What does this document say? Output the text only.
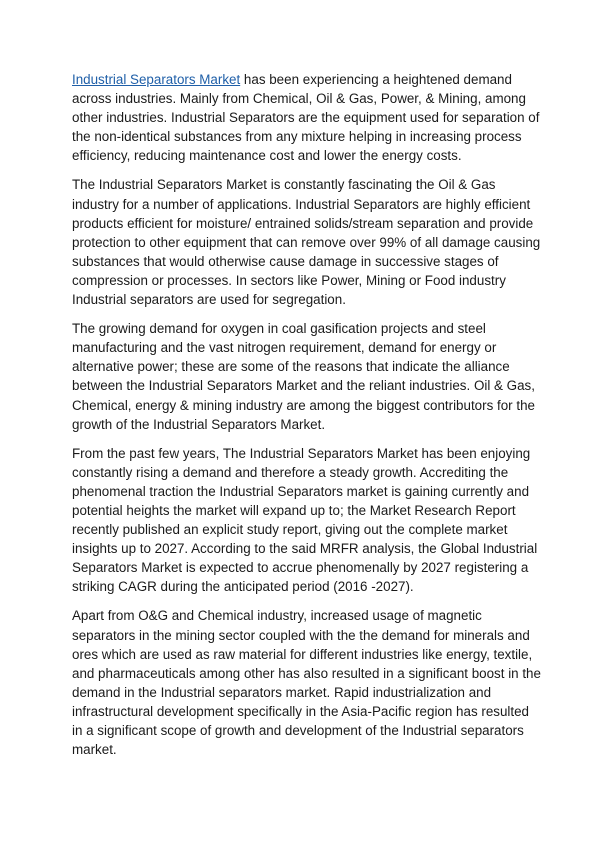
Industrial Separators Market has been experiencing a heightened demand across industries. Mainly from Chemical, Oil & Gas, Power, & Mining, among other industries. Industrial Separators are the equipment used for separation of the non-identical substances from any mixture helping in increasing process efficiency, reducing maintenance cost and lower the energy costs.

The Industrial Separators Market is constantly fascinating the Oil & Gas industry for a number of applications. Industrial Separators are highly efficient products efficient for moisture/ entrained solids/stream separation and provide protection to other equipment that can remove over 99% of all damage causing substances that would otherwise cause damage in successive stages of compression or processes. In sectors like Power, Mining or Food industry Industrial separators are used for segregation.

The growing demand for oxygen in coal gasification projects and steel manufacturing and the vast nitrogen requirement, demand for energy or alternative power; these are some of the reasons that indicate the alliance between the Industrial Separators Market and the reliant industries. Oil & Gas, Chemical, energy & mining industry are among the biggest contributors for the growth of the Industrial Separators Market.

From the past few years, The Industrial Separators Market has been enjoying constantly rising a demand and therefore a steady growth. Accrediting the phenomenal traction the Industrial Separators market is gaining currently and potential heights the market will expand up to; the Market Research Report recently published an explicit study report, giving out the complete market insights up to 2027. According to the said MRFR analysis, the Global Industrial Separators Market is expected to accrue phenomenally by 2027 registering a striking CAGR during the anticipated period (2016 -2027).

Apart from O&G and Chemical industry, increased usage of magnetic separators in the mining sector coupled with the the demand for minerals and ores which are used as raw material for different industries like energy, textile, and pharmaceuticals among other has also resulted in a significant boost in the demand in the Industrial separators market. Rapid industrialization and infrastructural development specifically in the Asia-Pacific region has resulted in a significant scope of growth and development of the Industrial separators market.
